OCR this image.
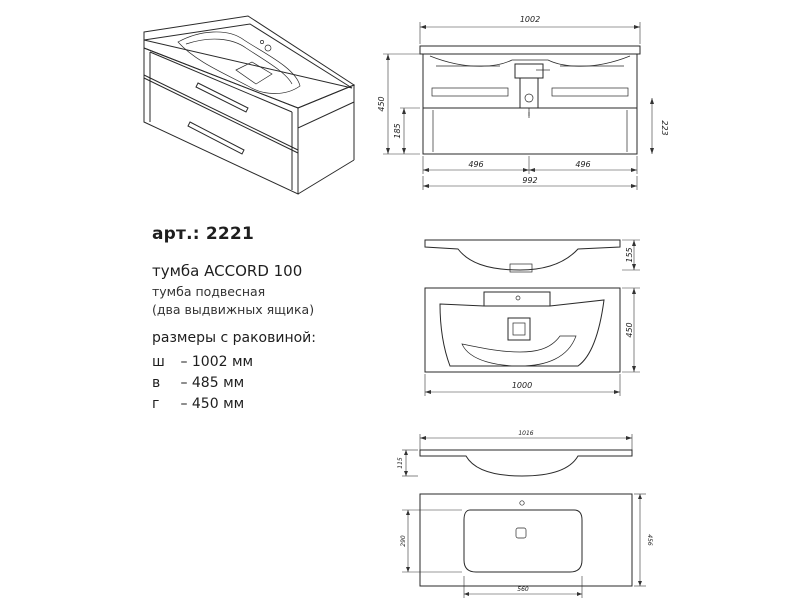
1002
450
185	223
496	496
992
155
450
1000
1016
115
290	456
560
арт.: 2221
тумба ACCORD 100
тумба подвесная
(два выдвижных ящика)
размеры с раковиной:
ш – 1002 мм
в – 485 мм
г – 450 мм
